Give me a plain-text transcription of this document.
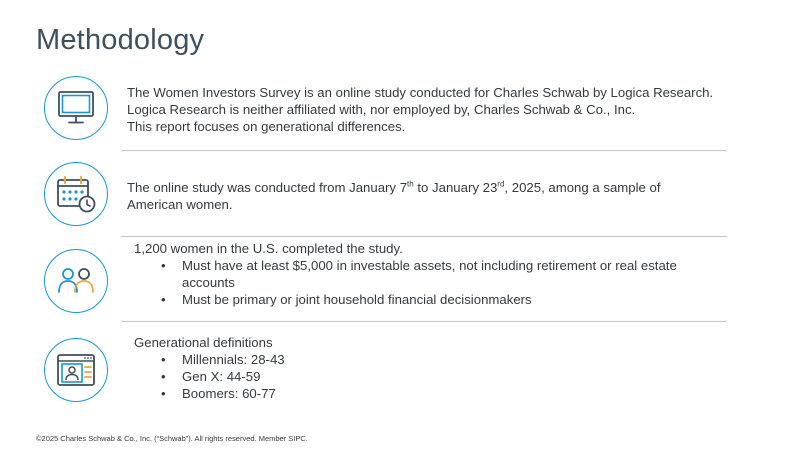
Methodology

The Women Investors Survey is an online study conducted for Charles Schwab by Logica Research.

Logica Research is neither affiliated with, nor employed by, Charles Schwab & Co., Inc.

This report focuses on generational differences.

The online study was conducted from January 7th to January 23rd, 2025, among a sample of

American women.

1,200 women in the U.S. completed the study.

• Must have at least $5,000 in investable assets, not including retirement or real estate accounts
• Must be primary or joint household financial decisionmakers

Generational definitions

• Millennials: 28-43
• Gen X: 44-59
• Boomers: 60-77
©2025 Charles Schwab & Co., Inc. (“Schwab”). All rights reserved. Member SIPC.
